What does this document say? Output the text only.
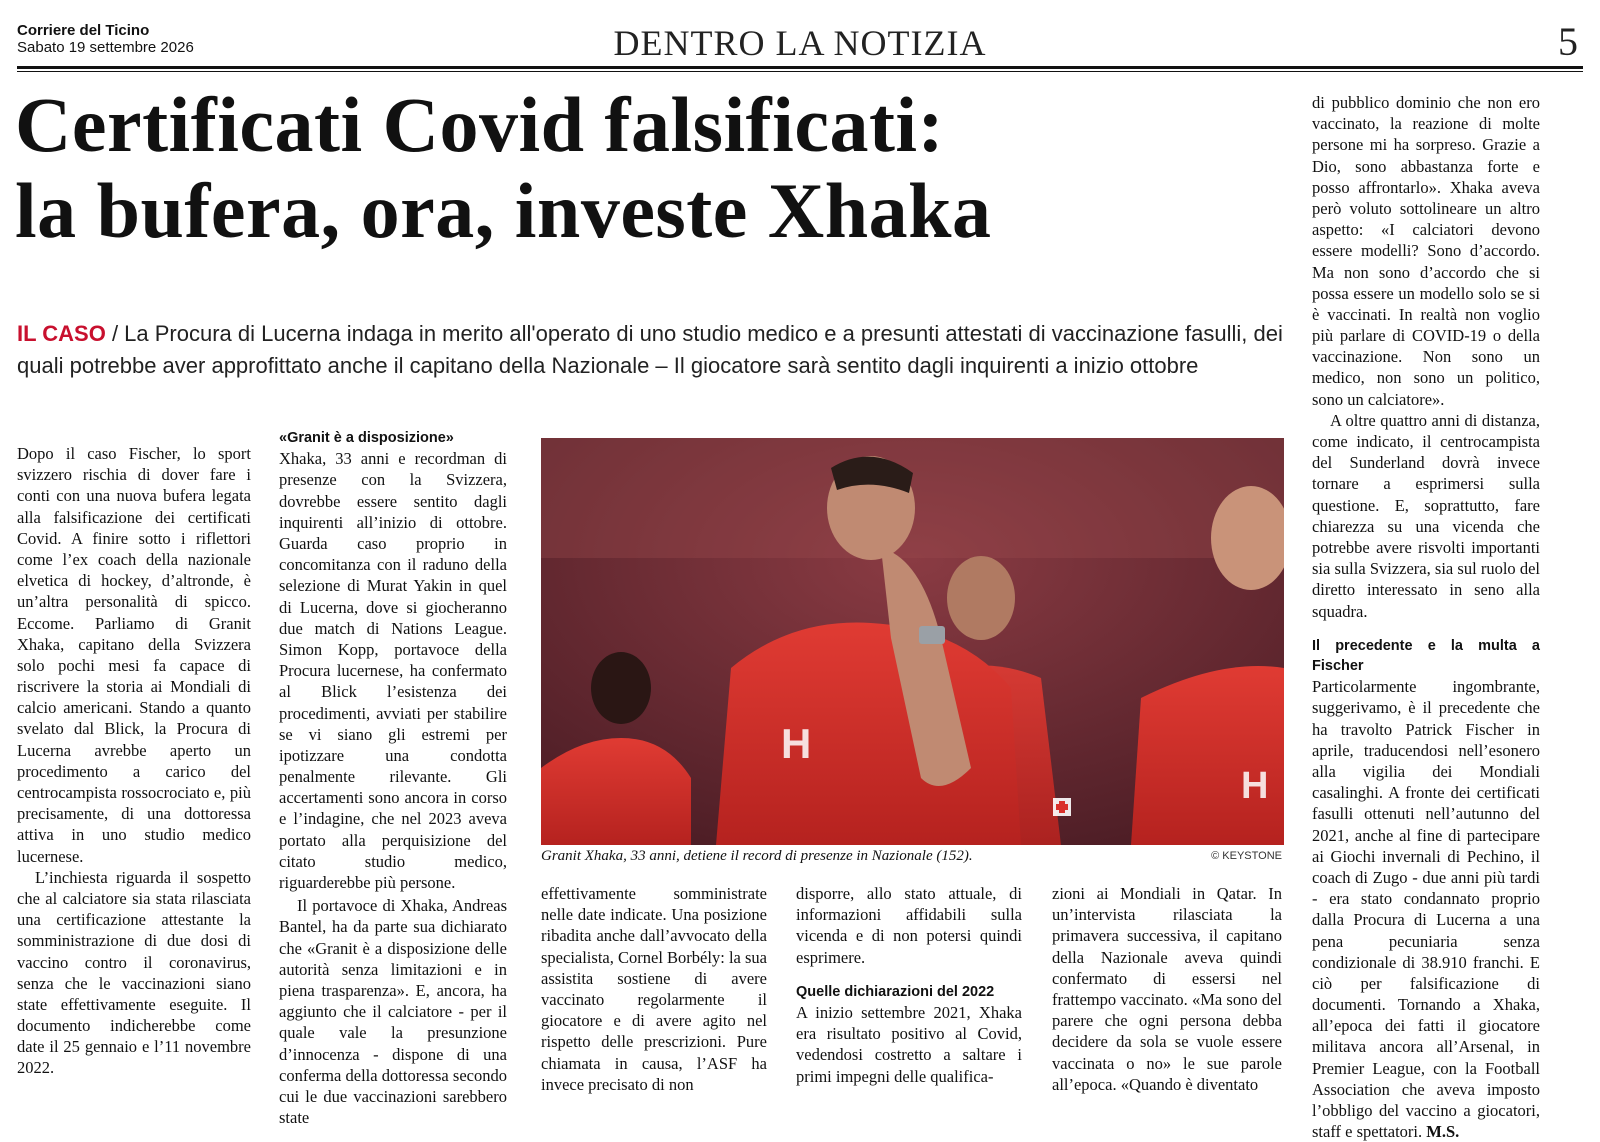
Corriere del Ticino
Sabato 19 settembre 2026	DENTRO LA NOTIZIA	5
Certificati Covid falsificati:
la bufera, ora, investe Xhaka
IL CASO / La Procura di Lucerna indaga in merito all'operato di uno studio medico e a presunti attestati di vaccinazione fasulli, dei quali potrebbe aver approfittato anche il capitano della Nazionale – Il giocatore sarà sentito dagli inquirenti a inizio ottobre

Dopo il caso Fischer, lo sport svizzero rischia di dover fare i conti con una nuova bufera legata alla falsificazione dei certificati Covid. A finire sotto i riflettori come l’ex coach della nazionale elvetica di hockey, d’altronde, è un’altra personalità di spicco. Eccome. Parliamo di Granit Xhaka, capitano della Svizzera solo pochi mesi fa capace di riscrivere la storia ai Mondiali di calcio americani. Stando a quanto svelato dal Blick, la Procura di Lucerna avrebbe aperto un procedimento a carico del centrocampista rossocrociato e, più precisamente, di una dottoressa attiva in uno studio medico lucernese.

L’inchiesta riguarda il sospetto che al calciatore sia stata rilasciata una certificazione attestante la somministrazione di due dosi di vaccino contro il coronavirus, senza che le vaccinazioni siano state effettivamente eseguite. Il documento indicherebbe come date il 25 gennaio e l’11 novembre 2022.

«Granit è a disposizione»

Xhaka, 33 anni e recordman di presenze con la Svizzera, dovrebbe essere sentito dagli inquirenti all’inizio di ottobre. Guarda caso proprio in concomitanza con il raduno della selezione di Murat Yakin in quel di Lucerna, dove si giocheranno due match di Nations League. Simon Kopp, portavoce della Procura lucernese, ha confermato al Blick l’esistenza dei procedimenti, avviati per stabilire se vi siano gli estremi per ipotizzare una condotta penalmente rilevante. Gli accertamenti sono ancora in corso e l’indagine, che nel 2023 aveva portato alla perquisizione del citato studio medico, riguarderebbe più persone.

Il portavoce di Xhaka, Andreas Bantel, ha da parte sua dichiarato che «Granit è a disposizione delle autorità senza limitazioni e in piena trasparenza». E, ancora, ha aggiunto che il calciatore - per il quale vale la presunzione d’innocenza - dispone di una conferma della dottoressa secondo cui le due vaccinazioni sarebbero state

H
H
Granit Xhaka, 33 anni, detiene il record di presenze in Nazionale (152).	© KEYSTONE

effettivamente somministrate nelle date indicate. Una posizione ribadita anche dall’avvocato della specialista, Cornel Borbély: la sua assistita sostiene di avere vaccinato regolarmente il giocatore e di avere agito nel rispetto delle prescrizioni. Pure chiamata in causa, l’ASF ha invece precisato di non

disporre, allo stato attuale, di informazioni affidabili sulla vicenda e di non potersi quindi esprimere.

Quelle dichiarazioni del 2022

A inizio settembre 2021, Xhaka era risultato positivo al Covid, vedendosi costretto a saltare i primi impegni delle qualifica-

zioni ai Mondiali in Qatar. In un’intervista rilasciata la primavera successiva, il capitano della Nazionale aveva quindi confermato di essersi nel frattempo vaccinato. «Ma sono del parere che ogni persona debba decidere da sola se vuole essere vaccinata o no» le sue parole all’epoca. «Quando è diventato

di pubblico dominio che non ero vaccinato, la reazione di molte persone mi ha sorpreso. Grazie a Dio, sono abbastanza forte e posso affrontarlo». Xhaka aveva però voluto sottolineare un altro aspetto: «I calciatori devono essere modelli? Sono d’accordo. Ma non sono d’accordo che si possa essere un modello solo se si è vaccinati. In realtà non voglio più parlare di COVID-19 o della vaccinazione. Non sono un medico, non sono un politico, sono un calciatore».

A oltre quattro anni di distanza, come indicato, il centrocampista del Sunderland dovrà invece tornare a esprimersi sulla questione. E, soprattutto, fare chiarezza su una vicenda che potrebbe avere risvolti importanti sia sulla Svizzera, sia sul ruolo del diretto interessato in seno alla squadra.

Il precedente e la multa a Fischer

Particolarmente ingombrante, suggerivamo, è il precedente che ha travolto Patrick Fischer in aprile, traducendosi nell’esonero alla vigilia dei Mondiali casalinghi. A fronte dei certificati fasulli ottenuti nell’autunno del 2021, anche al fine di partecipare ai Giochi invernali di Pechino, il coach di Zugo - due anni più tardi - era stato condannato proprio dalla Procura di Lucerna a una pena pecuniaria senza condizionale di 38.910 franchi. E ciò per falsificazione di documenti. Tornando a Xhaka, all’epoca dei fatti il giocatore militava ancora all’Arsenal, in Premier League, con la Football Association che aveva imposto l’obbligo del vaccino a giocatori, staff e spettatori. M.S.
